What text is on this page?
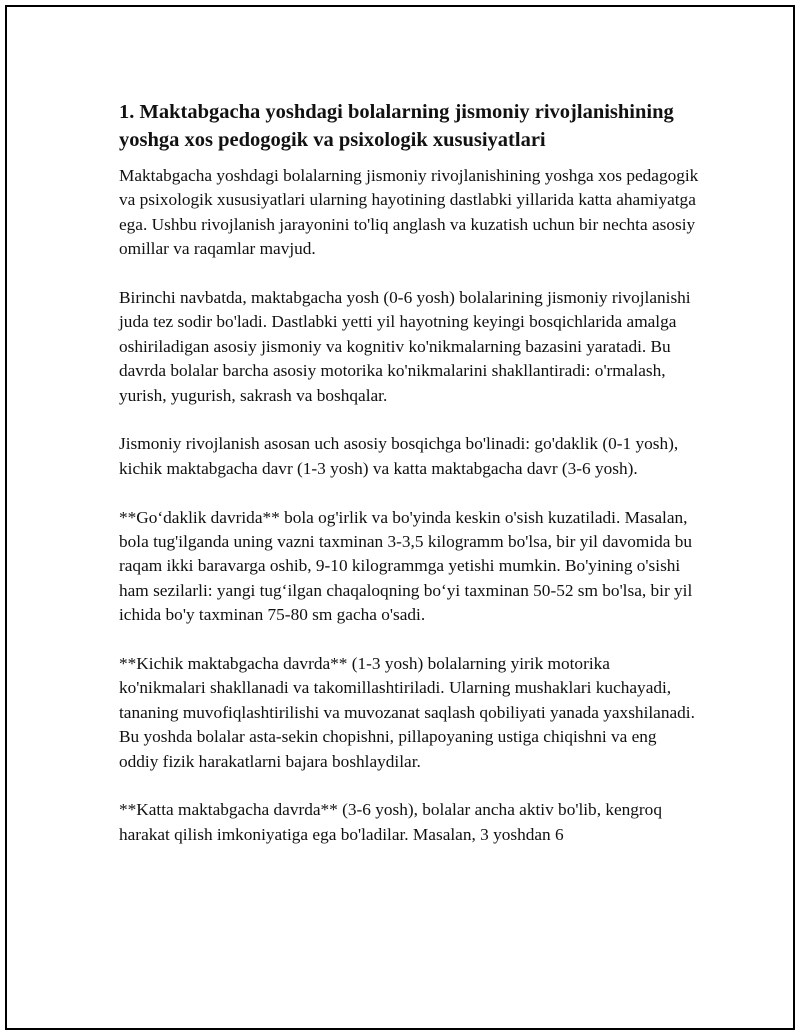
1. Maktabgacha yoshdagi bolalarning jismoniy rivojlanishining yoshga xos pedogogik va psixologik xususiyatlari

Maktabgacha yoshdagi bolalarning jismoniy rivojlanishining yoshga xos pedagogik va psixologik xususiyatlari ularning hayotining dastlabki yillarida katta ahamiyatga ega. Ushbu rivojlanish jarayonini to'liq anglash va kuzatish uchun bir nechta asosiy omillar va raqamlar mavjud.

Birinchi navbatda, maktabgacha yosh (0-6 yosh) bolalarining jismoniy rivojlanishi juda tez sodir bo'ladi. Dastlabki yetti yil hayotning keyingi bosqichlarida amalga oshiriladigan asosiy jismoniy va kognitiv ko'nikmalarning bazasini yaratadi. Bu davrda bolalar barcha asosiy motorika ko'nikmalarini shakllantiradi: o'rmalash, yurish, yugurish, sakrash va boshqalar.

Jismoniy rivojlanish asosan uch asosiy bosqichga bo'linadi: go'daklik (0-1 yosh), kichik maktabgacha davr (1-3 yosh) va katta maktabgacha davr (3-6 yosh).

**Go‘daklik davrida** bola og'irlik va bo'yinda keskin o'sish kuzatiladi. Masalan, bola tug'ilganda uning vazni taxminan 3-3,5 kilogramm bo'lsa, bir yil davomida bu raqam ikki baravarga oshib, 9-10 kilogrammga yetishi mumkin. Bo'yining o'sishi ham sezilarli: yangi tug‘ilgan chaqaloqning bo‘yi taxminan 50-52 sm bo'lsa, bir yil ichida bo'y taxminan 75-80 sm gacha o'sadi.

**Kichik maktabgacha davrda** (1-3 yosh) bolalarning yirik motorika ko'nikmalari shakllanadi va takomillashtiriladi. Ularning mushaklari kuchayadi, tananing muvofiqlashtirilishi va muvozanat saqlash qobiliyati yanada yaxshilanadi. Bu yoshda bolalar asta-sekin chopishni, pillapoyaning ustiga chiqishni va eng oddiy fizik harakatlarni bajara boshlaydilar.

**Katta maktabgacha davrda** (3-6 yosh), bolalar ancha aktiv bo'lib, kengroq harakat qilish imkoniyatiga ega bo'ladilar. Masalan, 3 yoshdan 6
